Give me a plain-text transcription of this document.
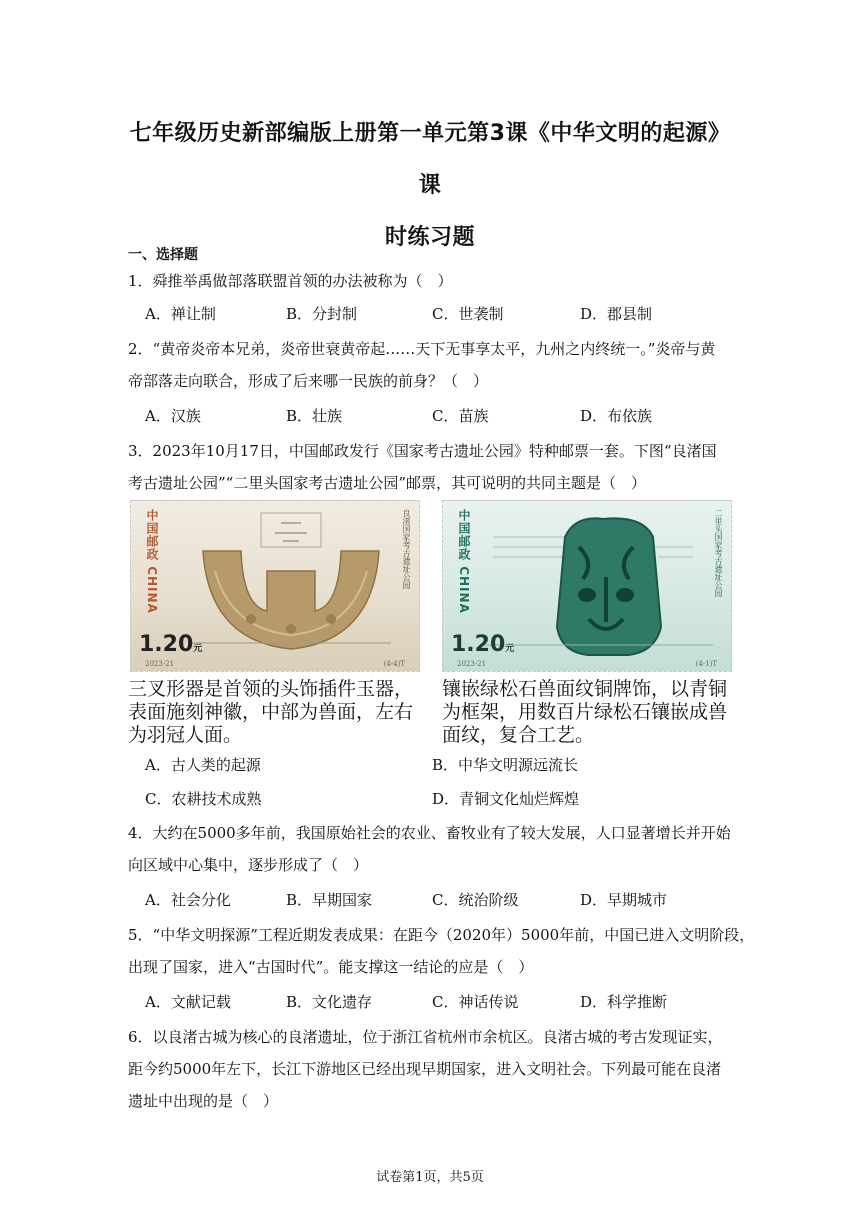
七年级历史新部编版上册第一单元第3课《中华文明的起源》课
时练习题
一、选择题
1．舜推举禹做部落联盟首领的办法被称为（　）
A．禅让制	B．分封制	C．世袭制	D．郡县制
2．“黄帝炎帝本兄弟，炎帝世衰黄帝起……天下无事享太平，九州之内终统一。”炎帝与黄
帝部落走向联合，形成了后来哪一民族的前身？（　）
A．汉族	B．壮族	C．苗族	D．布依族
3．2023年10月17日，中国邮政发行《国家考古遗址公园》特种邮票一套。下图“良渚国
考古遗址公园”“二里头国家考古遗址公园”邮票，其可说明的共同主题是（　）
中国邮政 CHINA
良渚国家考古遗址公园
1.20元
2023-21	(4-4)T
三叉形器是首领的头饰插件玉器，表面施刻神徽，中部为兽面，左右为羽冠人面。
中国邮政 CHINA	二里头国家考古遗址公园
1.20元
2023-21	(4-1)T
镶嵌绿松石兽面纹铜牌饰，以青铜为框架，用数百片绿松石镶嵌成兽面纹，复合工艺。
A．古人类的起源	B．中华文明源远流长
C．农耕技术成熟	D．青铜文化灿烂辉煌
4．大约在5000多年前，我国原始社会的农业、畜牧业有了较大发展，人口显著增长并开始
向区域中心集中，逐步形成了（　）
A．社会分化	B．早期国家	C．统治阶级	D．早期城市
5．“中华文明探源”工程近期发表成果：在距今（2020年）5000年前，中国已进入文明阶段，
出现了国家，进入“古国时代”。能支撑这一结论的应是（　）
A．文献记载	B．文化遗存	C．神话传说	D．科学推断
6．以良渚古城为核心的良渚遗址，位于浙江省杭州市余杭区。良渚古城的考古发现证实，
距今约5000年左下，长江下游地区已经出现早期国家，进入文明社会。下列最可能在良渚
遗址中出现的是（　）
试卷第1页，共5页
